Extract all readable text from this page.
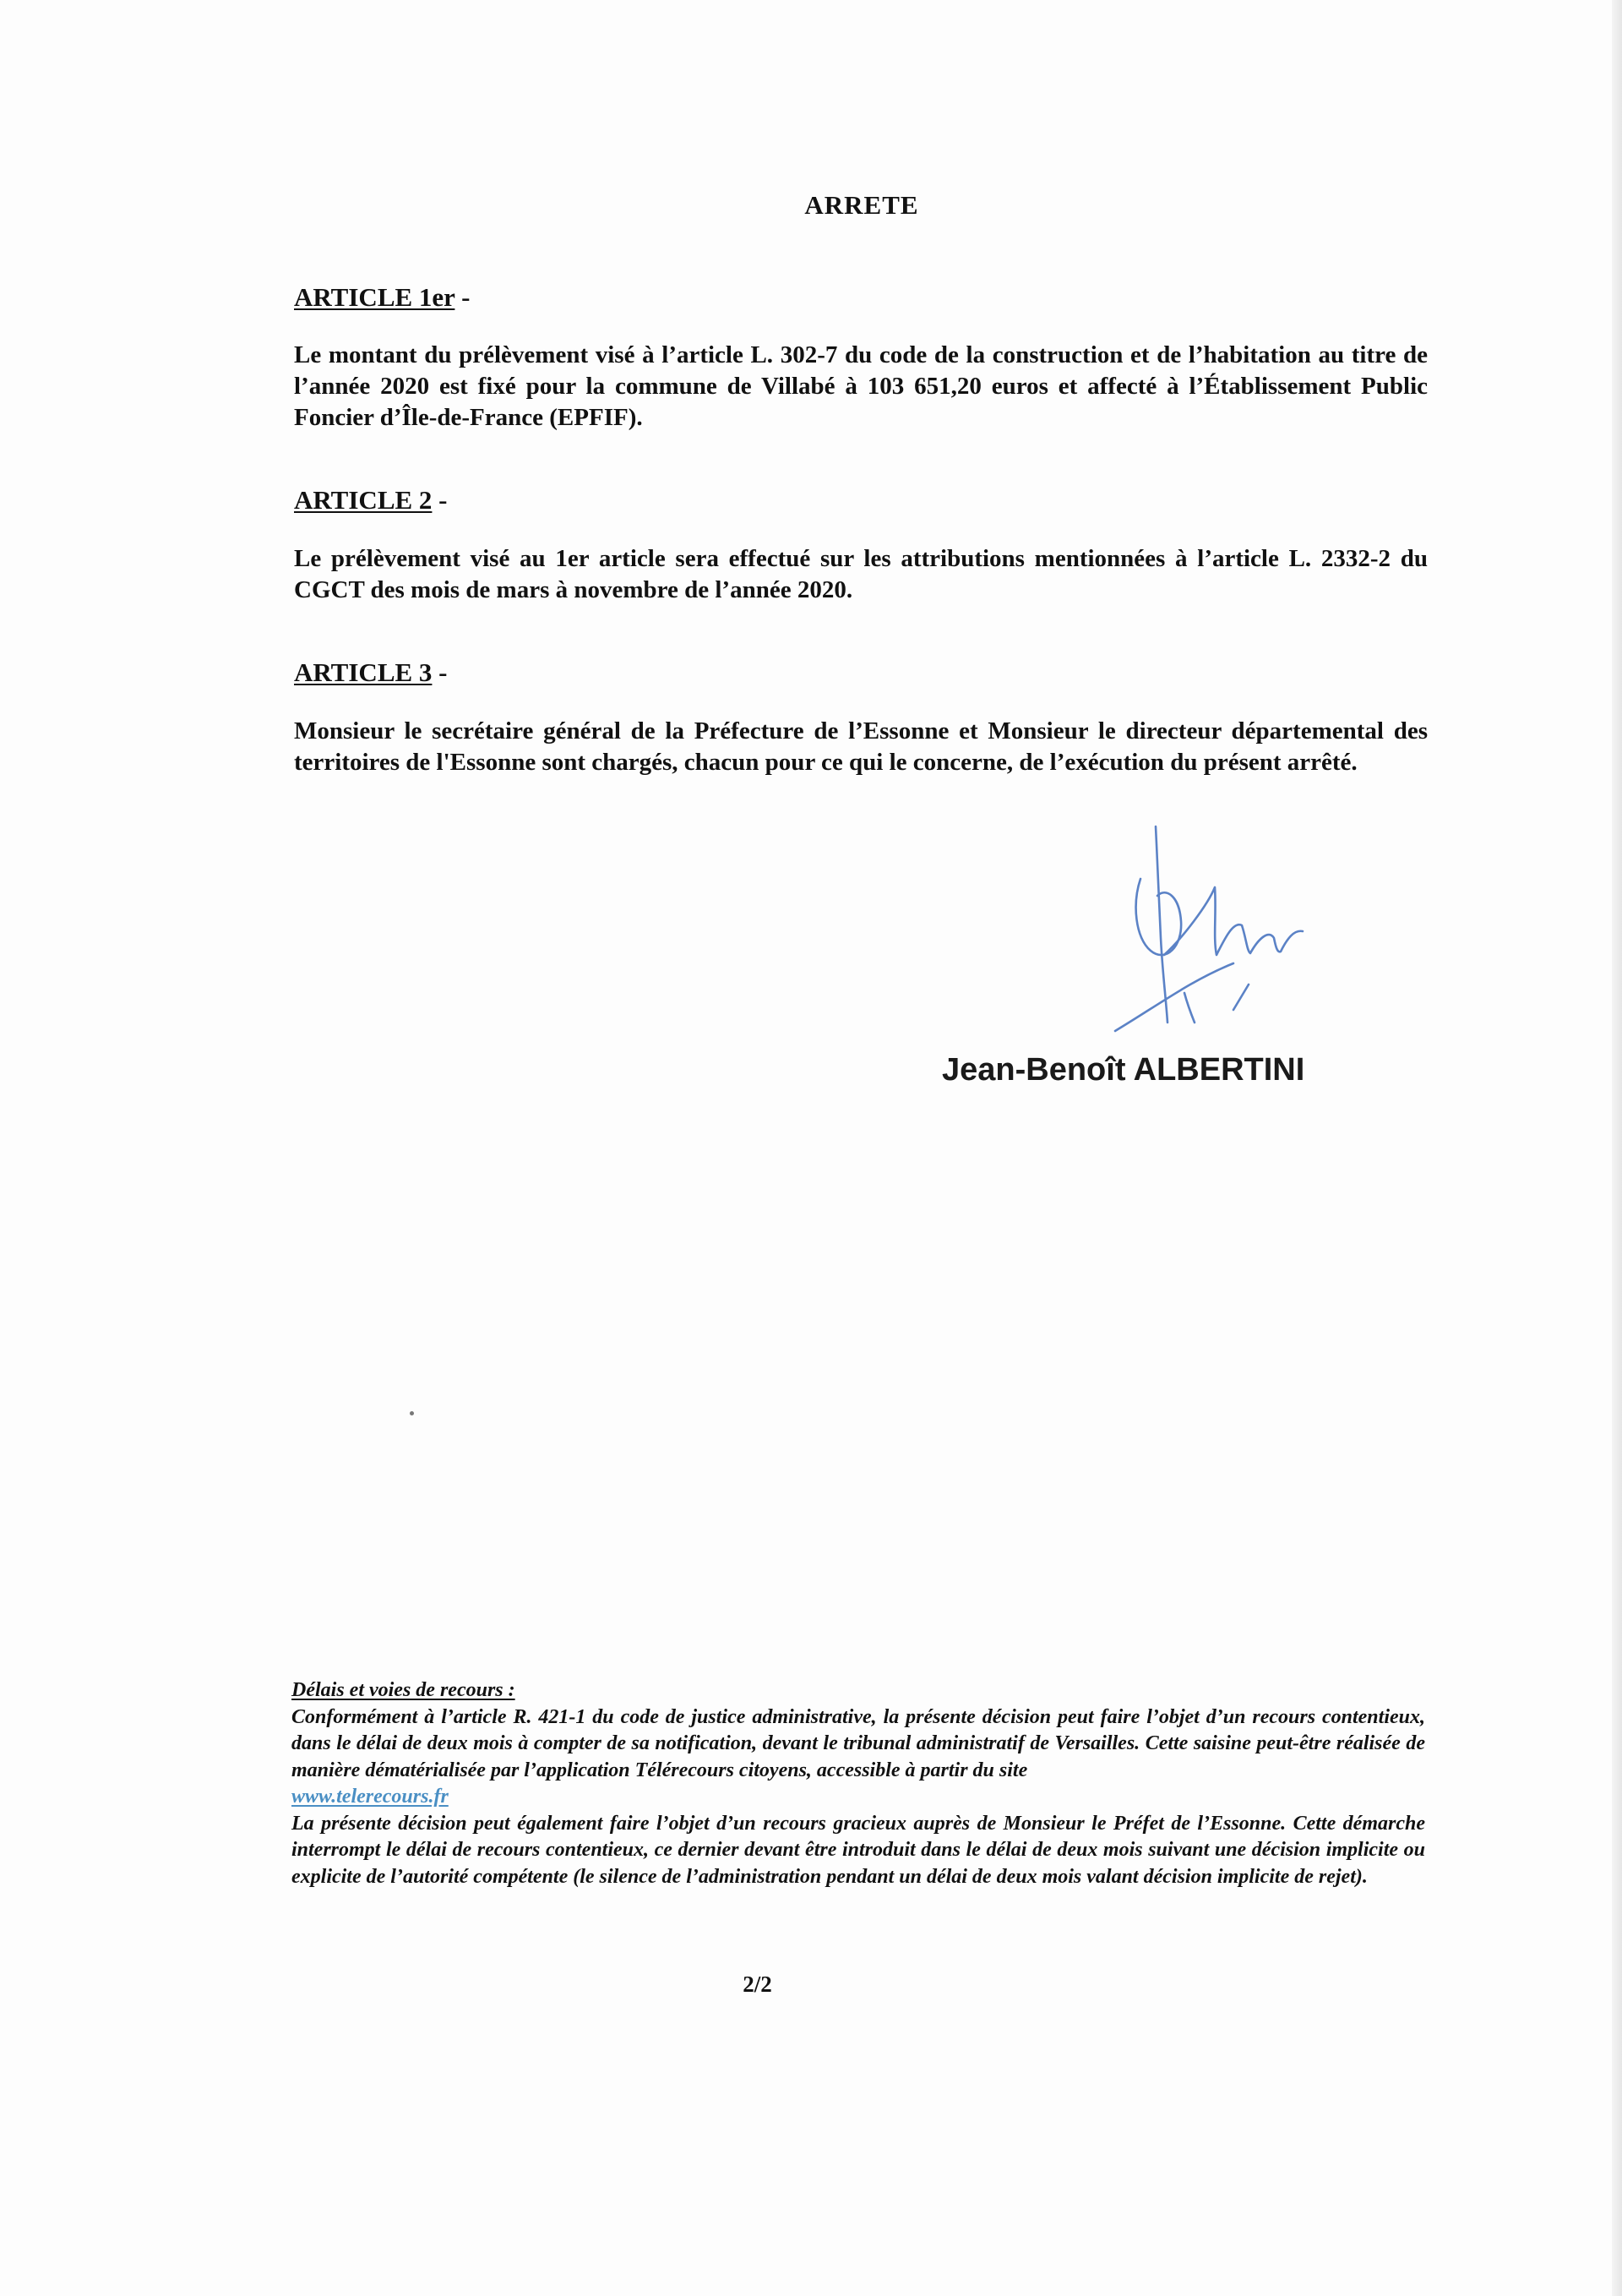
ARRETE
ARTICLE 1er -
Le montant du prélèvement visé à l’article L. 302-7 du code de la construction et de l’habitation au titre de l’année 2020 est fixé pour la commune de Villabé à 103 651,20 euros et affecté à l’Établissement Public Foncier d’Île-de-France (EPFIF).
ARTICLE 2 -
Le prélèvement visé au 1er article sera effectué sur les attributions mentionnées à l’article L. 2332-2 du CGCT des mois de mars à novembre de l’année 2020.
ARTICLE 3 -
Monsieur le secrétaire général de la Préfecture de l’Essonne et Monsieur le directeur départemental des territoires de l'Essonne sont chargés, chacun pour ce qui le concerne, de l’exécution du présent arrêté.
Jean-Benoît ALBERTINI

Délais et voies de recours :

Conformément à l’article R. 421-1 du code de justice administrative, la présente décision peut faire l’objet d’un recours contentieux, dans le délai de deux mois à compter de sa notification, devant le tribunal administratif de Versailles. Cette saisine peut-être réalisée de manière dématérialisée par l’application Télérecours citoyens, accessible à partir du site
www.telerecours.fr

La présente décision peut également faire l’objet d’un recours gracieux auprès de Monsieur le Préfet de l’Essonne. Cette démarche interrompt le délai de recours contentieux, ce dernier devant être introduit dans le délai de deux mois suivant une décision implicite ou explicite de l’autorité compétente (le silence de l’administration pendant un délai de deux mois valant décision implicite de rejet).

2/2
